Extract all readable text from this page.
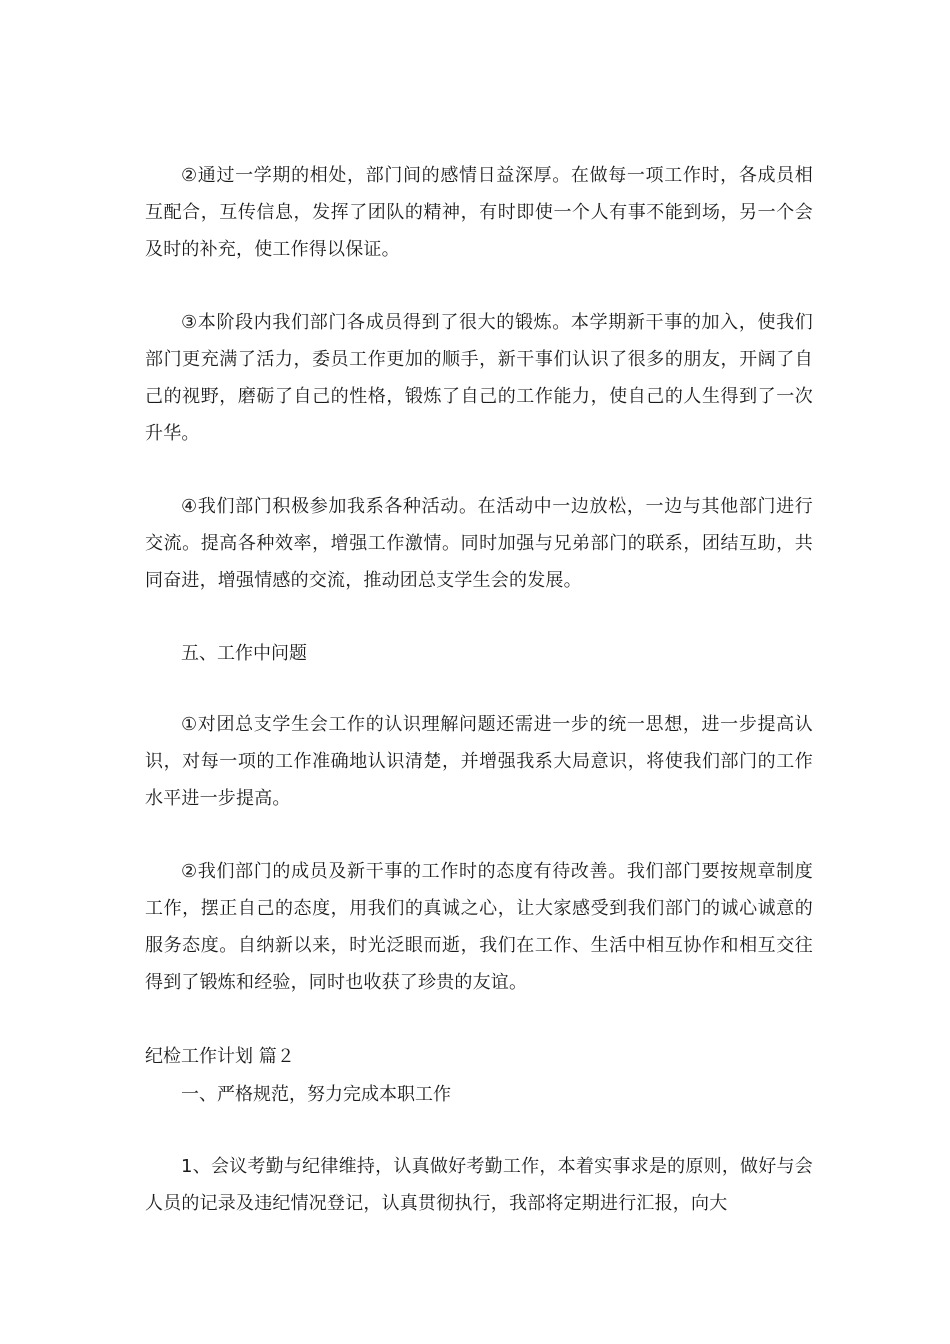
②通过一学期的相处，部门间的感情日益深厚。在做每一项工作时，各成员相互配合，互传信息，发挥了团队的精神，有时即使一个人有事不能到场，另一个会及时的补充，使工作得以保证。

③本阶段内我们部门各成员得到了很大的锻炼。本学期新干事的加入，使我们部门更充满了活力，委员工作更加的顺手，新干事们认识了很多的朋友，开阔了自己的视野，磨砺了自己的性格，锻炼了自己的工作能力，使自己的人生得到了一次升华。

④我们部门积极参加我系各种活动。在活动中一边放松，一边与其他部门进行交流。提高各种效率，增强工作激情。同时加强与兄弟部门的联系，团结互助，共同奋进，增强情感的交流，推动团总支学生会的发展。

五、工作中问题

①对团总支学生会工作的认识理解问题还需进一步的统一思想，进一步提高认识，对每一项的工作准确地认识清楚，并增强我系大局意识，将使我们部门的工作水平进一步提高。

②我们部门的成员及新干事的工作时的态度有待改善。我们部门要按规章制度工作，摆正自己的态度，用我们的真诚之心，让大家感受到我们部门的诚心诚意的服务态度。自纳新以来，时光泛眼而逝，我们在工作、生活中相互协作和相互交往得到了锻炼和经验，同时也收获了珍贵的友谊。

纪检工作计划 篇２

一、严格规范，努力完成本职工作

1、会议考勤与纪律维持，认真做好考勤工作，本着实事求是的原则，做好与会人员的记录及违纪情况登记，认真贯彻执行，我部将定期进行汇报，向大
